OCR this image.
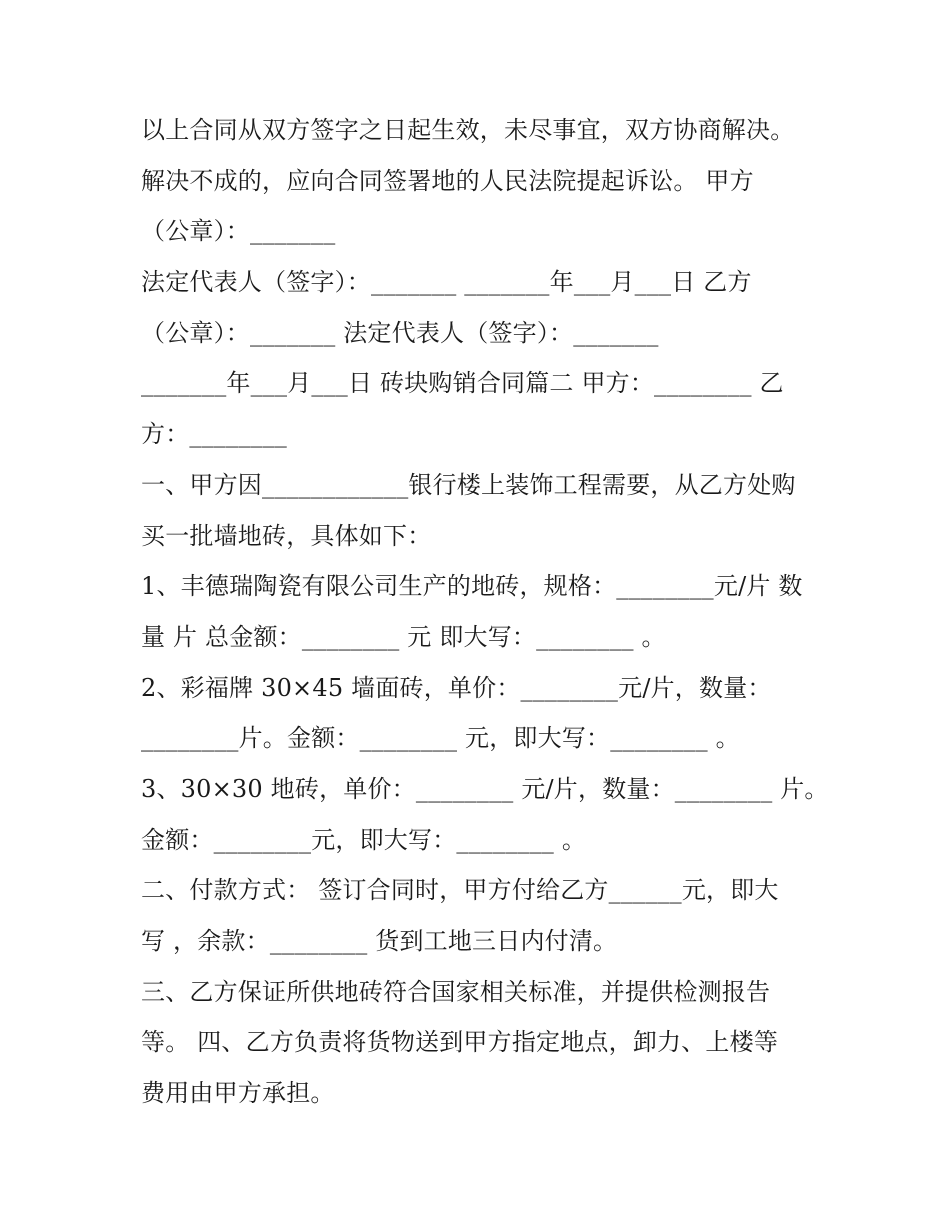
以上合同从双方签字之日起生效，未尽事宜，双方协商解决。
解决不成的，应向合同签署地的人民法院提起诉讼。 甲方
（公章）：_______
法定代表人（签字）：_______ _______年___月___日 乙方
（公章）：_______ 法定代表人（签字）：_______
_______年___月___日 砖块购销合同篇二 甲方：________ 乙
方：________
一、甲方因____________银行楼上装饰工程需要，从乙方处购
买一批墙地砖，具体如下：
1、丰德瑞陶瓷有限公司生产的地砖，规格：________元/片 数
量 片 总金额：________ 元 即大写：________ 。
2、彩福牌 30×45 墙面砖，单价：________元/片，数量：
________片。金额：________ 元，即大写：________ 。
3、30×30 地砖，单价：________ 元/片，数量：________ 片。
金额：________元，即大写：________ 。
二、付款方式： 签订合同时，甲方付给乙方______元，即大
写 ，余款：________ 货到工地三日内付清。
三、乙方保证所供地砖符合国家相关标准，并提供检测报告
等。 四、乙方负责将货物送到甲方指定地点，卸力、上楼等
费用由甲方承担。
